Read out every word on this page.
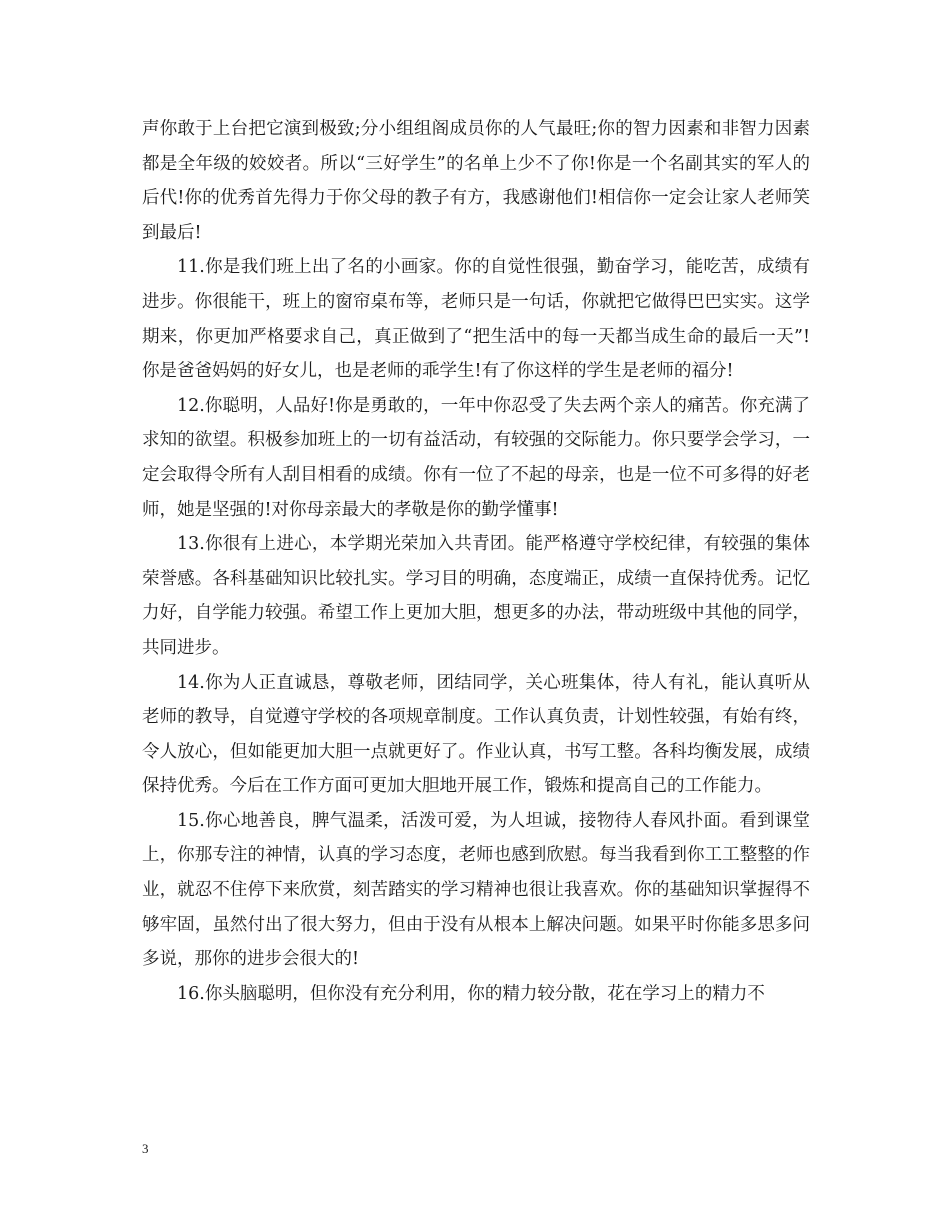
声你敢于上台把它演到极致;分小组组阁成员你的人气最旺;你的智力因素和非智力因素都是全年级的姣姣者。所以“三好学生”的名单上少不了你!你是一个名副其实的军人的后代!你的优秀首先得力于你父母的教子有方，我感谢他们!相信你一定会让家人老师笑到最后!

11.你是我们班上出了名的小画家。你的自觉性很强，勤奋学习，能吃苦，成绩有进步。你很能干，班上的窗帘桌布等，老师只是一句话，你就把它做得巴巴实实。这学期来，你更加严格要求自己，真正做到了“把生活中的每一天都当成生命的最后一天”!你是爸爸妈妈的好女儿，也是老师的乖学生!有了你这样的学生是老师的福分!

12.你聪明，人品好!你是勇敢的，一年中你忍受了失去两个亲人的痛苦。你充满了求知的欲望。积极参加班上的一切有益活动，有较强的交际能力。你只要学会学习，一定会取得令所有人刮目相看的成绩。你有一位了不起的母亲，也是一位不可多得的好老师，她是坚强的!对你母亲最大的孝敬是你的勤学懂事!

13.你很有上进心，本学期光荣加入共青团。能严格遵守学校纪律，有较强的集体荣誉感。各科基础知识比较扎实。学习目的明确，态度端正，成绩一直保持优秀。记忆力好，自学能力较强。希望工作上更加大胆，想更多的办法，带动班级中其他的同学，共同进步。

14.你为人正直诚恳，尊敬老师，团结同学，关心班集体，待人有礼，能认真听从老师的教导，自觉遵守学校的各项规章制度。工作认真负责，计划性较强，有始有终，令人放心，但如能更加大胆一点就更好了。作业认真，书写工整。各科均衡发展，成绩保持优秀。今后在工作方面可更加大胆地开展工作，锻炼和提高自己的工作能力。

15.你心地善良，脾气温柔，活泼可爱，为人坦诚，接物待人春风扑面。看到课堂上，你那专注的神情，认真的学习态度，老师也感到欣慰。每当我看到你工工整整的作业，就忍不住停下来欣赏，刻苦踏实的学习精神也很让我喜欢。你的基础知识掌握得不够牢固，虽然付出了很大努力，但由于没有从根本上解决问题。如果平时你能多思多问多说，那你的进步会很大的!

16.你头脑聪明，但你没有充分利用，你的精力较分散，花在学习上的精力不

3
